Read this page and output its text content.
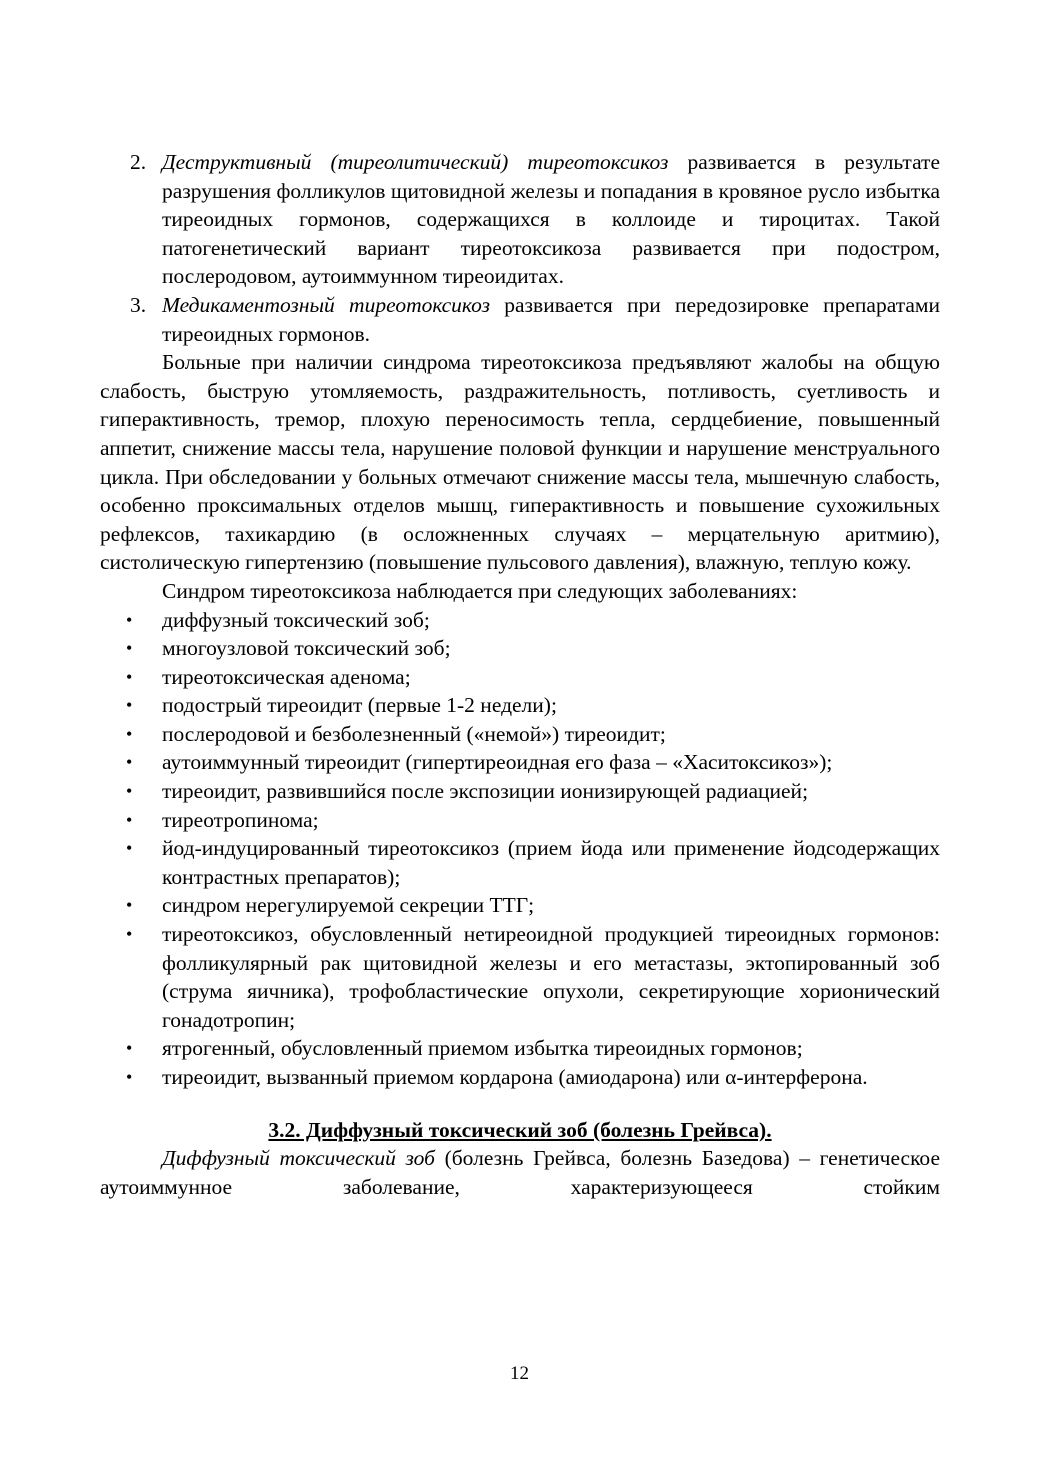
2. Деструктивный (тиреолитический) тиреотоксикоз развивается в результате разрушения фолликулов щитовидной железы и попадания в кровяное русло избытка тиреоидных гормонов, содержащихся в коллоиде и тироцитах. Такой патогенетический вариант тиреотоксикоза развивается при подостром, послеродовом, аутоиммунном тиреоидитах.
3. Медикаментозный тиреотоксикоз развивается при передозировке препаратами тиреоидных гормонов.

Больные при наличии синдрома тиреотоксикоза предъявляют жалобы на общую слабость, быструю утомляемость, раздражительность, потливость, суетливость и гиперактивность, тремор, плохую переносимость тепла, сердцебиение, повышенный аппетит, снижение массы тела, нарушение половой функции и нарушение менструального цикла. При обследовании у больных отмечают снижение массы тела, мышечную слабость, особенно проксимальных отделов мышц, гиперактивность и повышение сухожильных рефлексов, тахикардию (в осложненных случаях – мерцательную аритмию), систолическую гипертензию (повышение пульсового давления), влажную, теплую кожу.

Синдром тиреотоксикоза наблюдается при следующих заболеваниях:

• диффузный токсический зоб;
• многоузловой токсический зоб;
• тиреотоксическая аденома;
• подострый тиреоидит (первые 1-2 недели);
• послеродовой и безболезненный («немой») тиреоидит;
• аутоиммунный тиреоидит (гипертиреоидная его фаза – «Хаситоксикоз»);
• тиреоидит, развившийся после экспозиции ионизирующей радиацией;
• тиреотропинома;
• йод-индуцированный тиреотоксикоз (прием йода или применение йодсодержащих контрастных препаратов);
• синдром нерегулируемой секреции ТТГ;
• тиреотоксикоз, обусловленный нетиреоидной продукцией тиреоидных гормонов: фолликулярный рак щитовидной железы и его метастазы, эктопированный зоб (струма яичника), трофобластические опухоли, секретирующие хорионический гонадотропин;
• ятрогенный, обусловленный приемом избытка тиреоидных гормонов;
• тиреоидит, вызванный приемом кордарона (амиодарона) или α-интерферона.
3.2. Диффузный токсический зоб (болезнь Грейвса).

Диффузный токсический зоб (болезнь Грейвса, болезнь Базедова) – генетическое аутоиммунное заболевание, характеризующееся стойким

12
